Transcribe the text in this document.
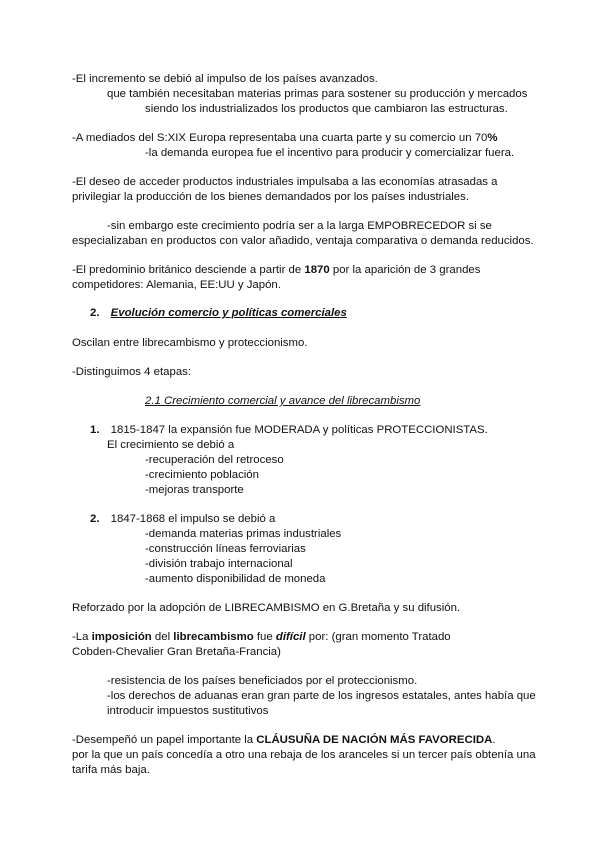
-El incremento se debió al impulso de los países avanzados.
que también necesitaban materias primas para sostener su producción y mercados
siendo los industrializados los productos que cambiaron las estructuras.
-A mediados del S:XIX Europa representaba una cuarta parte y su comercio un 70%
-la demanda europea fue el incentivo para producir y comercializar fuera.
-El deseo de acceder productos industriales impulsaba a las economías atrasadas a
privilegiar la producción de los bienes demandados por los países industriales.
-sin embargo este crecimiento podría ser a la larga EMPOBRECEDOR si se
especializaban en productos con valor añadido, ventaja comparativa o demanda reducidos.
-El predominio británico desciende a partir de 1870 por la aparición de 3 grandes
competidores: Alemania, EE:UU y Japón.
2. Evolución comercio y políticas comerciales
Oscilan entre librecambismo y proteccionismo.
-Distinguimos 4 etapas:
2.1 Crecimiento comercial y avance del librecambismo
1. 1815-1847 la expansión fue MODERADA y políticas PROTECCIONISTAS.
El crecimiento se debió a
-recuperación del retroceso
-crecimiento población
-mejoras transporte
2. 1847-1868 el impulso se debió a
-demanda materias primas industriales
-construcción líneas ferroviarias
-división trabajo internacional
-aumento disponibilidad de moneda
Reforzado por la adopción de LIBRECAMBISMO en G.Bretaña y su difusión.
-La imposición del librecambismo fue difícil por: (gran momento Tratado
Cobden-Chevalier Gran Bretaña-Francia)
-resistencia de los países beneficiados por el proteccionismo.
-los derechos de aduanas eran gran parte de los ingresos estatales, antes había que
introducir impuestos sustitutivos
-Desempeñó un papel importante la CLÁUSUÑA DE NACIÓN MÁS FAVORECIDA.
por la que un país concedía a otro una rebaja de los aranceles si un tercer país obtenía una
tarifa más baja.
